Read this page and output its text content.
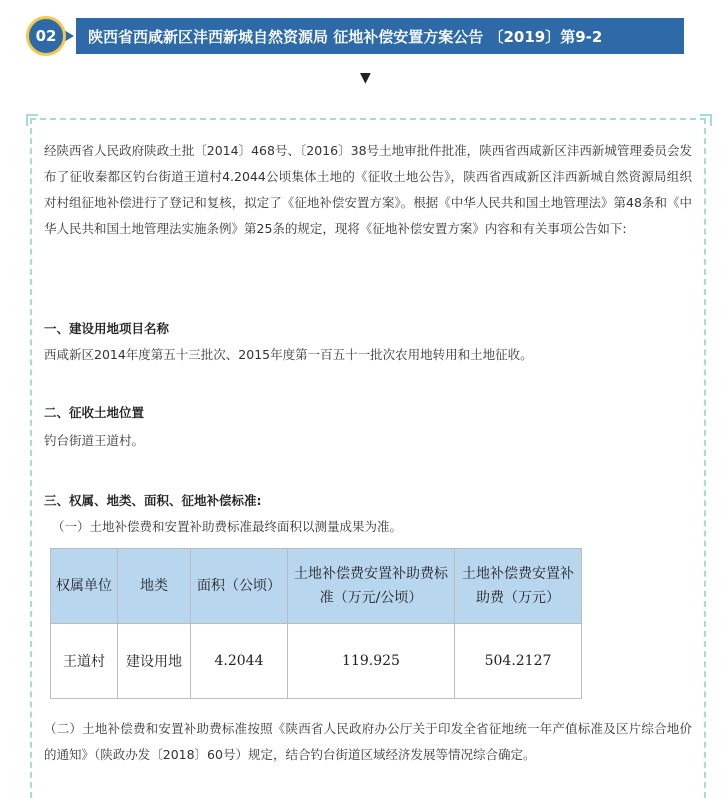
02	陕西省西咸新区沣西新城自然资源局 征地补偿安置方案公告 〔2019〕第9-2
▼
经陕西省人民政府陕政土批〔2014〕468号、〔2016〕38号土地审批件批准，陕西省西咸新区沣西新城管理委员会发布了征收秦都区钓台街道王道村4.2044公顷集体土地的《征收土地公告》，陕西省西咸新区沣西新城自然资源局组织对村组征地补偿进行了登记和复核，拟定了《征地补偿安置方案》。根据《中华人民共和国土地管理法》第48条和《中华人民共和国土地管理法实施条例》第25条的规定，现将《征地补偿安置方案》内容和有关事项公告如下:
一、建设用地项目名称
西咸新区2014年度第五十三批次、2015年度第一百五十一批次农用地转用和土地征收。
二、征收土地位置
钓台街道王道村。
三、权属、地类、面积、征地补偿标准:
（一）土地补偿费和安置补助费标准最终面积以测量成果为准。
权属单位	地类	面积（公顷）	土地补偿费安置补助费标准（万元/公顷）	土地补偿费安置补助费（万元）
王道村	建设用地	4.2044	119.925	504.2127
（二）土地补偿费和安置补助费标准按照《陕西省人民政府办公厅关于印发全省征地统一年产值标准及区片综合地价的通知》（陕政办发〔2018〕60号）规定，结合钓台街道区域经济发展等情况综合确定。
